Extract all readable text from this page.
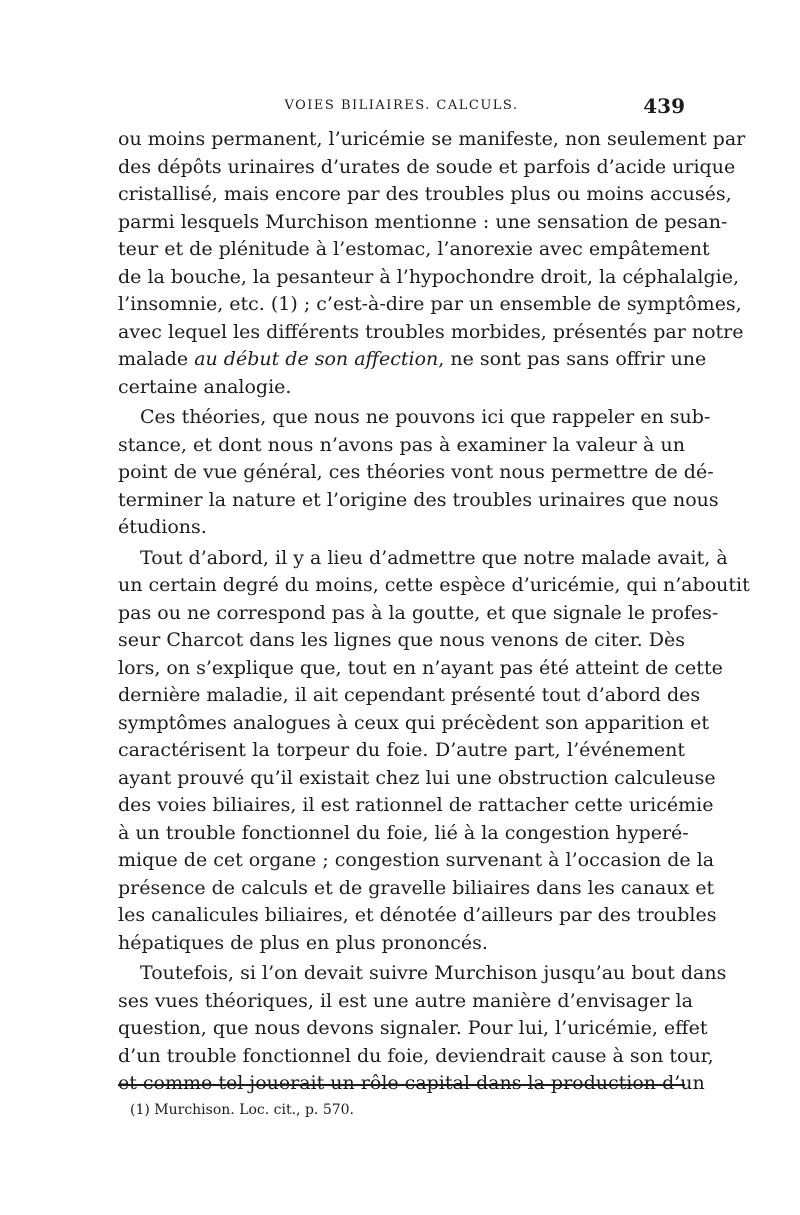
VOIES BILIAIRES. CALCULS.	439
ou moins permanent, l’uricémie se manifeste, non seulement par
des dépôts urinaires d’urates de soude et parfois d’acide urique
cristallisé, mais encore par des troubles plus ou moins accusés,
parmi lesquels Murchison mentionne : une sensation de pesan-
teur et de plénitude à l’estomac, l’anorexie avec empâtement
de la bouche, la pesanteur à l’hypochondre droit, la céphalalgie,
l’insomnie, etc. (1) ; c’est-à-dire par un ensemble de symptômes,
avec lequel les différents troubles morbides, présentés par notre
malade au début de son affection, ne sont pas sans offrir une
certaine analogie.
Ces théories, que nous ne pouvons ici que rappeler en sub-
stance, et dont nous n’avons pas à examiner la valeur à un
point de vue général, ces théories vont nous permettre de dé-
terminer la nature et l’origine des troubles urinaires que nous
étudions.
Tout d’abord, il y a lieu d’admettre que notre malade avait, à
un certain degré du moins, cette espèce d’uricémie, qui n’aboutit
pas ou ne correspond pas à la goutte, et que signale le profes-
seur Charcot dans les lignes que nous venons de citer. Dès
lors, on s’explique que, tout en n’ayant pas été atteint de cette
dernière maladie, il ait cependant présenté tout d’abord des
symptômes analogues à ceux qui précèdent son apparition et
caractérisent la torpeur du foie. D’autre part, l’événement
ayant prouvé qu’il existait chez lui une obstruction calculeuse
des voies biliaires, il est rationnel de rattacher cette uricémie
à un trouble fonctionnel du foie, lié à la congestion hyperé-
mique de cet organe ; congestion survenant à l’occasion de la
présence de calculs et de gravelle biliaires dans les canaux et
les canalicules biliaires, et dénotée d’ailleurs par des troubles
hépatiques de plus en plus prononcés.
Toutefois, si l’on devait suivre Murchison jusqu’au bout dans
ses vues théoriques, il est une autre manière d’envisager la
question, que nous devons signaler. Pour lui, l’uricémie, effet
d’un trouble fonctionnel du foie, deviendrait cause à son tour,
et comme tel jouerait un rôle capital dans la production d’un
(1) Murchison. Loc. cit., p. 570.
